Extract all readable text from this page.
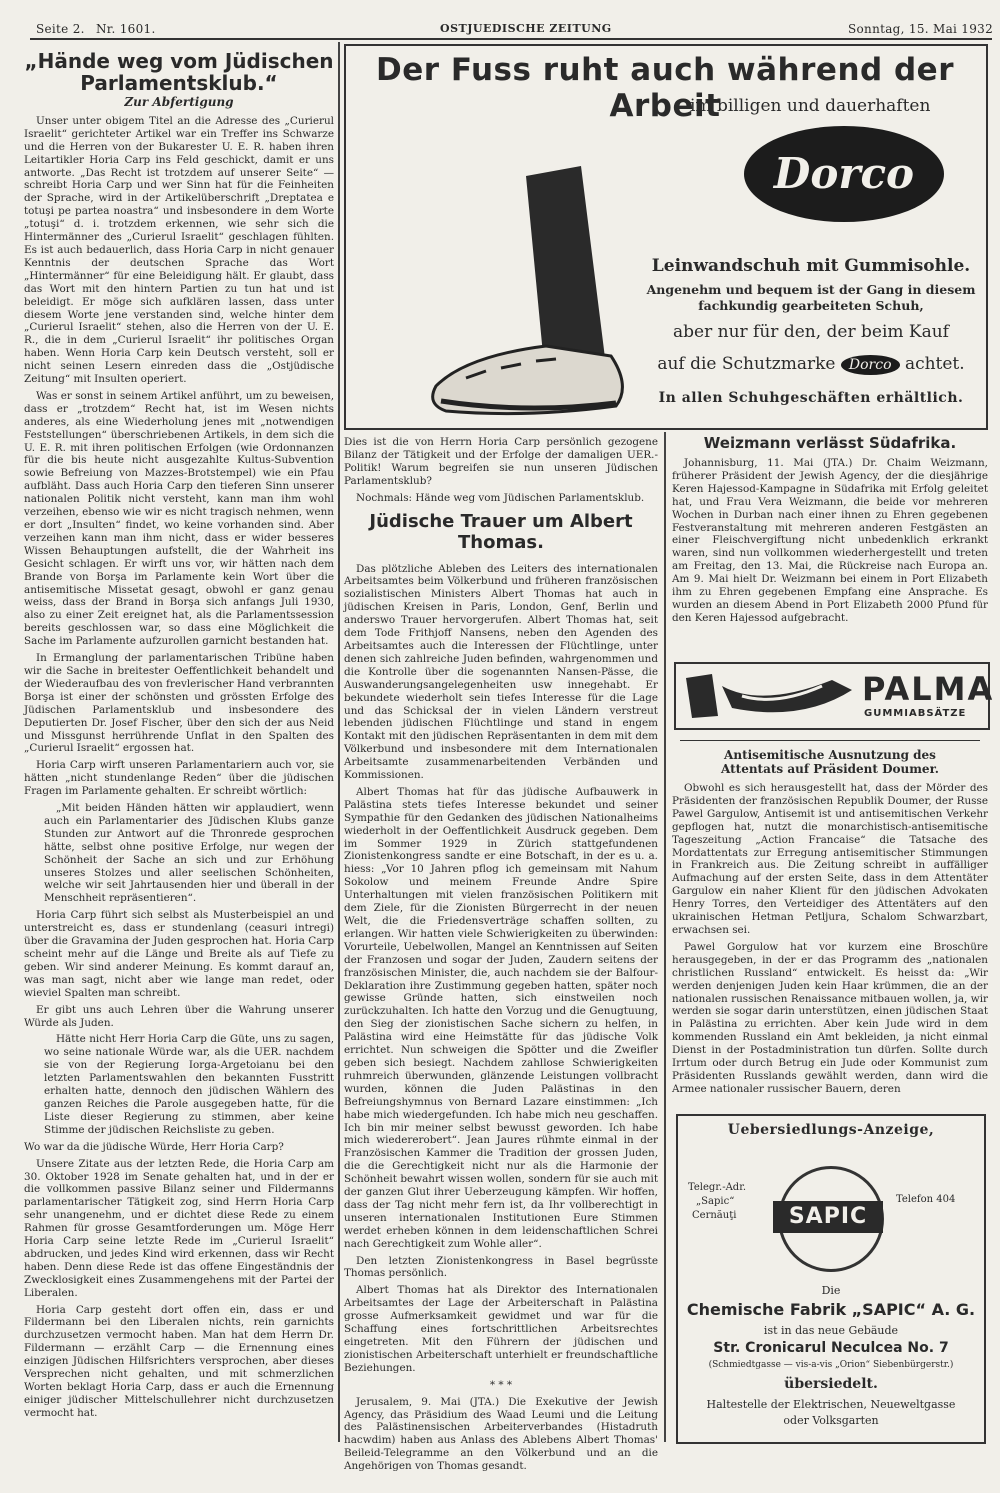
Seite 2. Nr. 1601.	OSTJUEDISCHE ZEITUNG	Sonntag, 15. Mai 1932
„Hände weg vom Jüdischen Parlamentsklub.“
Zur Abfertigung

Unser unter obigem Titel an die Adresse des „Curierul Israelit“ gerichteter Artikel war ein Treffer ins Schwarze und die Herren von der Bukarester U. E. R. haben ihren Leitartikler Horia Carp ins Feld geschickt, damit er uns antworte. „Das Recht ist trotzdem auf unserer Seite“ — schreibt Horia Carp und wer Sinn hat für die Feinheiten der Sprache, wird in der Artikelüberschrift „Dreptatea e totuşi pe partea noastra“ und insbesondere in dem Worte „totuşi“ d. i. trotzdem erkennen, wie sehr sich die Hintermänner des „Curierul Israelit“ geschlagen fühlten. Es ist auch bedauerlich, dass Horia Carp in nicht genauer Kenntnis der deutschen Sprache das Wort „Hintermänner“ für eine Beleidigung hält. Er glaubt, dass das Wort mit den hintern Partien zu tun hat und ist beleidigt. Er möge sich aufklären lassen, dass unter diesem Worte jene verstanden sind, welche hinter dem „Curierul Israelit“ stehen, also die Herren von der U. E. R., die in dem „Curierul Israelit“ ihr politisches Organ haben. Wenn Horia Carp kein Deutsch versteht, soll er nicht seinen Lesern einreden dass die „Ostjüdische Zeitung“ mit Insulten operiert.

Was er sonst in seinem Artikel anführt, um zu beweisen, dass er „trotzdem“ Recht hat, ist im Wesen nichts anderes, als eine Wiederholung jenes mit „notwendigen Feststellungen“ überschriebenen Artikels, in dem sich die U. E. R. mit ihren politischen Erfolgen (wie Ordonnanzen für die bis heute nicht ausgezahlte Kultus-Subvention sowie Befreiung von Mazzes-Brotstempel) wie ein Pfau aufbläht. Dass auch Horia Carp den tieferen Sinn unserer nationalen Politik nicht versteht, kann man ihm wohl verzeihen, ebenso wie wir es nicht tragisch nehmen, wenn er dort „Insulten“ findet, wo keine vorhanden sind. Aber verzeihen kann man ihm nicht, dass er wider besseres Wissen Behauptungen aufstellt, die der Wahrheit ins Gesicht schlagen. Er wirft uns vor, wir hätten nach dem Brande von Borşa im Parlamente kein Wort über die antisemitische Missetat gesagt, obwohl er ganz genau weiss, dass der Brand in Borşa sich anfangs Juli 1930, also zu einer Zeit ereignet hat, als die Parlamentssession bereits geschlossen war, so dass eine Möglichkeit die Sache im Parlamente aufzurollen garnicht bestanden hat.

In Ermanglung der parlamentarischen Tribüne haben wir die Sache in breitester Oeffentlichkeit behandelt und der Wiederaufbau des von frevlerischer Hand verbrannten Borşa ist einer der schönsten und grössten Erfolge des Jüdischen Parlamentsklub und insbesondere des Deputierten Dr. Josef Fischer, über den sich der aus Neid und Missgunst herrührende Unflat in den Spalten des „Curierul Israelit“ ergossen hat.

Horia Carp wirft unseren Parlamentariern auch vor, sie hätten „nicht stundenlange Reden“ über die jüdischen Fragen im Parlamente gehalten. Er schreibt wörtlich:

„Mit beiden Händen hätten wir applaudiert, wenn auch ein Parlamentarier des Jüdischen Klubs ganze Stunden zur Antwort auf die Thronrede gesprochen hätte, selbst ohne positive Erfolge, nur wegen der Schönheit der Sache an sich und zur Erhöhung unseres Stolzes und aller seelischen Schönheiten, welche wir seit Jahrtausenden hier und überall in der Menschheit repräsentieren“.

Horia Carp führt sich selbst als Musterbeispiel an und unterstreicht es, dass er stundenlang (ceasuri intregi) über die Gravamina der Juden gesprochen hat. Horia Carp scheint mehr auf die Länge und Breite als auf Tiefe zu geben. Wir sind anderer Meinung. Es kommt darauf an, was man sagt, nicht aber wie lange man redet, oder wieviel Spalten man schreibt.

Er gibt uns auch Lehren über die Wahrung unserer Würde als Juden.

Hätte nicht Herr Horia Carp die Güte, uns zu sagen, wo seine nationale Würde war, als die UER. nachdem sie von der Regierung Iorga-Argetoianu bei den letzten Parlamentswahlen den bekannten Fusstritt erhalten hatte, dennoch den jüdischen Wählern des ganzen Reiches die Parole ausgegeben hatte, für die Liste dieser Regierung zu stimmen, aber keine Stimme der jüdischen Reichsliste zu geben.

Wo war da die jüdische Würde, Herr Horia Carp?

Unsere Zitate aus der letzten Rede, die Horia Carp am 30. Oktober 1928 im Senate gehalten hat, und in der er die vollkommen passive Bilanz seiner und Fildermanns parlamentarischer Tätigkeit zog, sind Herrn Horia Carp sehr unangenehm, und er dichtet diese Rede zu einem Rahmen für grosse Gesamtforderungen um. Möge Herr Horia Carp seine letzte Rede im „Curierul Israelit“ abdrucken, und jedes Kind wird erkennen, dass wir Recht haben. Denn diese Rede ist das offene Eingeständnis der Zwecklosigkeit eines Zusammengehens mit der Partei der Liberalen.

Horia Carp gesteht dort offen ein, dass er und Fildermann bei den Liberalen nichts, rein garnichts durchzusetzen vermocht haben. Man hat dem Herrn Dr. Fildermann — erzählt Carp — die Ernennung eines einzigen Jüdischen Hilfsrichters versprochen, aber dieses Versprechen nicht gehalten, und mit schmerzlichen Worten beklagt Horia Carp, dass er auch die Ernennung einiger jüdischer Mittelschullehrer nicht durchzusetzen vermocht hat.

Der Fuss ruht auch während der Arbeit
im billigen und dauerhaften
Dorco
Leinwandschuh mit Gummisohle.
Angenehm und bequem ist der Gang in diesem
fachkundig gearbeiteten Schuh,
aber nur für den, der beim Kauf
auf die Schutzmarke Dorco achtet.
In allen Schuhgeschäften erhältlich.

Dies ist die von Herrn Horia Carp persönlich gezogene Bilanz der Tätigkeit und der Erfolge der damaligen UER.-Politik! Warum begreifen sie nun unseren Jüdischen Parlamentsklub?

Nochmals: Hände weg vom Jüdischen Parlamentsklub.

Jüdische Trauer um Albert Thomas.

Das plötzliche Ableben des Leiters des internationalen Arbeitsamtes beim Völkerbund und früheren französischen sozialistischen Ministers Albert Thomas hat auch in jüdischen Kreisen in Paris, London, Genf, Berlin und anderswo Trauer hervorgerufen. Albert Thomas hat, seit dem Tode Frithjoff Nansens, neben den Agenden des Arbeitsamtes auch die Interessen der Flüchtlinge, unter denen sich zahlreiche Juden befinden, wahrgenommen und die Kontrolle über die sogenannten Nansen-Pässe, die Auswanderungsangelegenheiten usw innegehabt. Er bekundete wiederholt sein tiefes Interesse für die Lage und das Schicksal der in vielen Ländern verstreut lebenden jüdischen Flüchtlinge und stand in engem Kontakt mit den jüdischen Repräsentanten in dem mit dem Völkerbund und insbesondere mit dem Internationalen Arbeitsamte zusammenarbeitenden Verbänden und Kommissionen.

Albert Thomas hat für das jüdische Aufbauwerk in Palästina stets tiefes Interesse bekundet und seiner Sympathie für den Gedanken des jüdischen Nationalheims wiederholt in der Oeffentlichkeit Ausdruck gegeben. Dem im Sommer 1929 in Zürich stattgefundenen Zionistenkongress sandte er eine Botschaft, in der es u. a. hiess: „Vor 10 Jahren pflog ich gemeinsam mit Nahum Sokolow und meinem Freunde Andre Spire Unterhaltungen mit vielen französischen Politikern mit dem Ziele, für die Zionisten Bürgerrecht in der neuen Welt, die die Friedensverträge schaffen sollten, zu erlangen. Wir hatten viele Schwierigkeiten zu überwinden: Vorurteile, Uebelwollen, Mangel an Kenntnissen auf Seiten der Franzosen und sogar der Juden, Zaudern seitens der französischen Minister, die, auch nachdem sie der Balfour-Deklaration ihre Zustimmung gegeben hatten, später noch gewisse Gründe hatten, sich einstweilen noch zurückzuhalten. Ich hatte den Vorzug und die Genugtuung, den Sieg der zionistischen Sache sichern zu helfen, in Palästina wird eine Heimstätte für das jüdische Volk errichtet. Nun schweigen die Spötter und die Zweifler geben sich besiegt. Nachdem zahllose Schwierigkeiten ruhmreich überwunden, glänzende Leistungen vollbracht wurden, können die Juden Palästinas in den Befreiungshymnus von Bernard Lazare einstimmen: „Ich habe mich wiedergefunden. Ich habe mich neu geschaffen. Ich bin mir meiner selbst bewusst geworden. Ich habe mich wiedererobert“. Jean Jaures rühmte einmal in der Französischen Kammer die Tradition der grossen Juden, die die Gerechtigkeit nicht nur als die Harmonie der Schönheit bewahrt wissen wollen, sondern für sie auch mit der ganzen Glut ihrer Ueberzeugung kämpfen. Wir hoffen, dass der Tag nicht mehr fern ist, da Ihr vollberechtigt in unseren internationalen Institutionen Eure Stimmen werdet erheben können in dem leidenschaftlichen Schrei nach Gerechtigkeit zum Wohle aller“.

Den letzten Zionistenkongress in Basel begrüsste Thomas persönlich.

Albert Thomas hat als Direktor des Internationalen Arbeitsamtes der Lage der Arbeiterschaft in Palästina grosse Aufmerksamkeit gewidmet und war für die Schaffung eines fortschrittlichen Arbeitsrechtes eingetreten. Mit den Führern der jüdischen und zionistischen Arbeiterschaft unterhielt er freundschaftliche Beziehungen.

* * *

Jerusalem, 9. Mai (JTA.) Die Exekutive der Jewish Agency, das Präsidium des Waad Leumi und die Leitung des Palästinensischen Arbeiterverbandes (Histadruth hacwdim) haben aus Anlass des Ablebens Albert Thomas' Beileid-Telegramme an den Völkerbund und an die Angehörigen von Thomas gesandt.

Weizmann verlässt Südafrika.

Johannisburg, 11. Mai (JTA.) Dr. Chaim Weizmann, früherer Präsident der Jewish Agency, der die diesjährige Keren Hajessod-Kampagne in Südafrika mit Erfolg geleitet hat, und Frau Vera Weizmann, die beide vor mehreren Wochen in Durban nach einer ihnen zu Ehren gegebenen Festveranstaltung mit mehreren anderen Festgästen an einer Fleischvergiftung nicht unbedenklich erkrankt waren, sind nun vollkommen wiederhergestellt und treten am Freitag, den 13. Mai, die Rückreise nach Europa an. Am 9. Mai hielt Dr. Weizmann bei einem in Port Elizabeth ihm zu Ehren gegebenen Empfang eine Ansprache. Es wurden an diesem Abend in Port Elizabeth 2000 Pfund für den Keren Hajessod aufgebracht.

PALMA
GUMMIABSÄTZE
Antisemitische Ausnutzung des
Attentats auf Präsident Doumer.

Obwohl es sich herausgestellt hat, dass der Mörder des Präsidenten der französischen Republik Doumer, der Russe Pawel Gargulow, Antisemit ist und antisemitischen Verkehr gepflogen hat, nutzt die monarchistisch-antisemitische Tageszeitung „Action Francaise“ die Tatsache des Mordattentats zur Erregung antisemitischer Stimmungen in Frankreich aus. Die Zeitung schreibt in auffälliger Aufmachung auf der ersten Seite, dass in dem Attentäter Gargulow ein naher Klient für den jüdischen Advokaten Henry Torres, den Verteidiger des Attentäters auf den ukrainischen Hetman Petljura, Schalom Schwarzbart, erwachsen sei.

Pawel Gorgulow hat vor kurzem eine Broschüre herausgegeben, in der er das Programm des „nationalen christlichen Russland“ entwickelt. Es heisst da: „Wir werden denjenigen Juden kein Haar krümmen, die an der nationalen russischen Renaissance mitbauen wollen, ja, wir werden sie sogar darin unterstützen, einen jüdischen Staat in Palästina zu errichten. Aber kein Jude wird in dem kommenden Russland ein Amt bekleiden, ja nicht einmal Dienst in der Postadministration tun dürfen. Sollte durch Irrtum oder durch Betrug ein Jude oder Kommunist zum Präsidenten Russlands gewählt werden, dann wird die Armee nationaler russischer Bauern, deren

Uebersiedlungs-Anzeige,
Telegr.-Adr.
„Sapic“
Cernăuţi	SAPIC
Telefon 404
Die
Chemische Fabrik „SAPIC“ A. G.
ist in das neue Gebäude
Str. Cronicarul Neculcea No. 7
(Schmiedtgasse — vis-a-vis „Orion“ Siebenbürgerstr.)
übersiedelt.
Haltestelle der Elektrischen, Neueweltgasse
oder Volksgarten
